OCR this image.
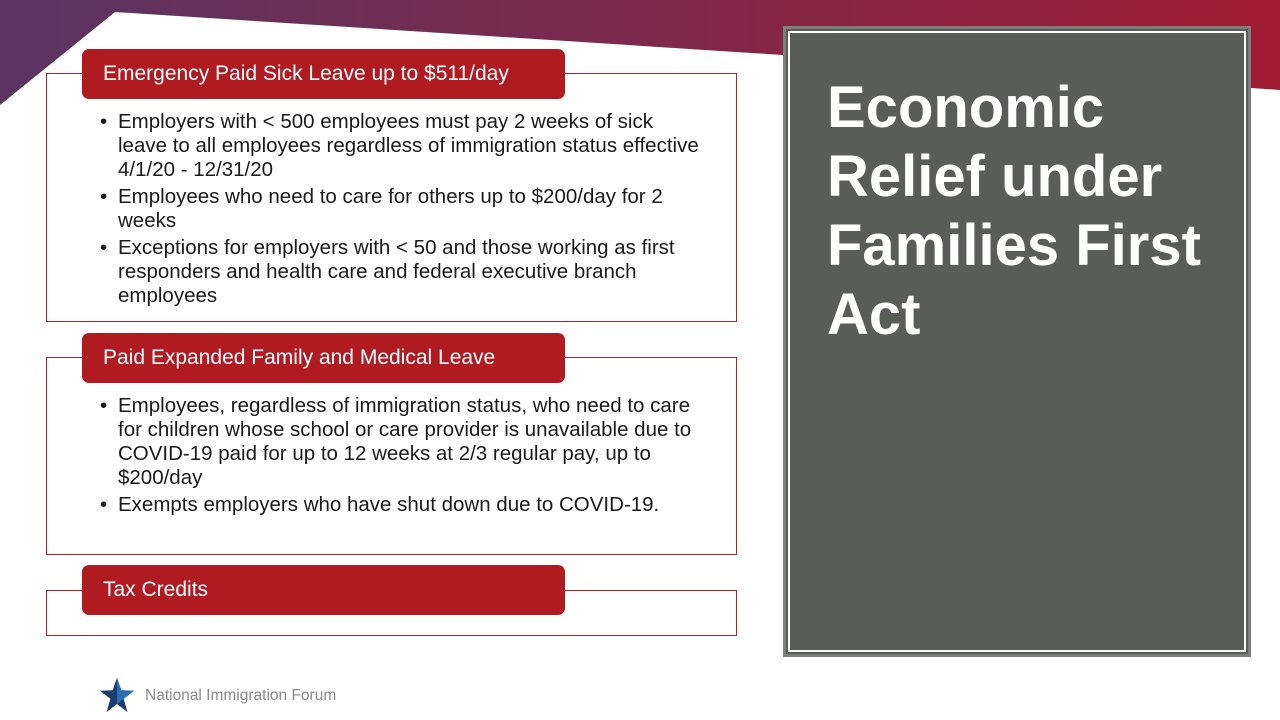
Emergency Paid Sick Leave up to $511/day
• Employers with < 500 employees must pay 2 weeks of sick leave to all employees regardless of immigration status effective 4/1/20 - 12/31/20
• Employees who need to care for others up to $200/day for 2 weeks
• Exceptions for employers with < 50 and those working as first responders and health care and federal executive branch employees
Paid Expanded Family and Medical Leave
• Employees, regardless of immigration status, who need to care for children whose school or care provider is unavailable due to COVID-19 paid for up to 12 weeks at 2/3 regular pay, up to $200/day
• Exempts employers who have shut down due to COVID-19.
Tax Credits
Economic Relief under Families First Act
National Immigration Forum
